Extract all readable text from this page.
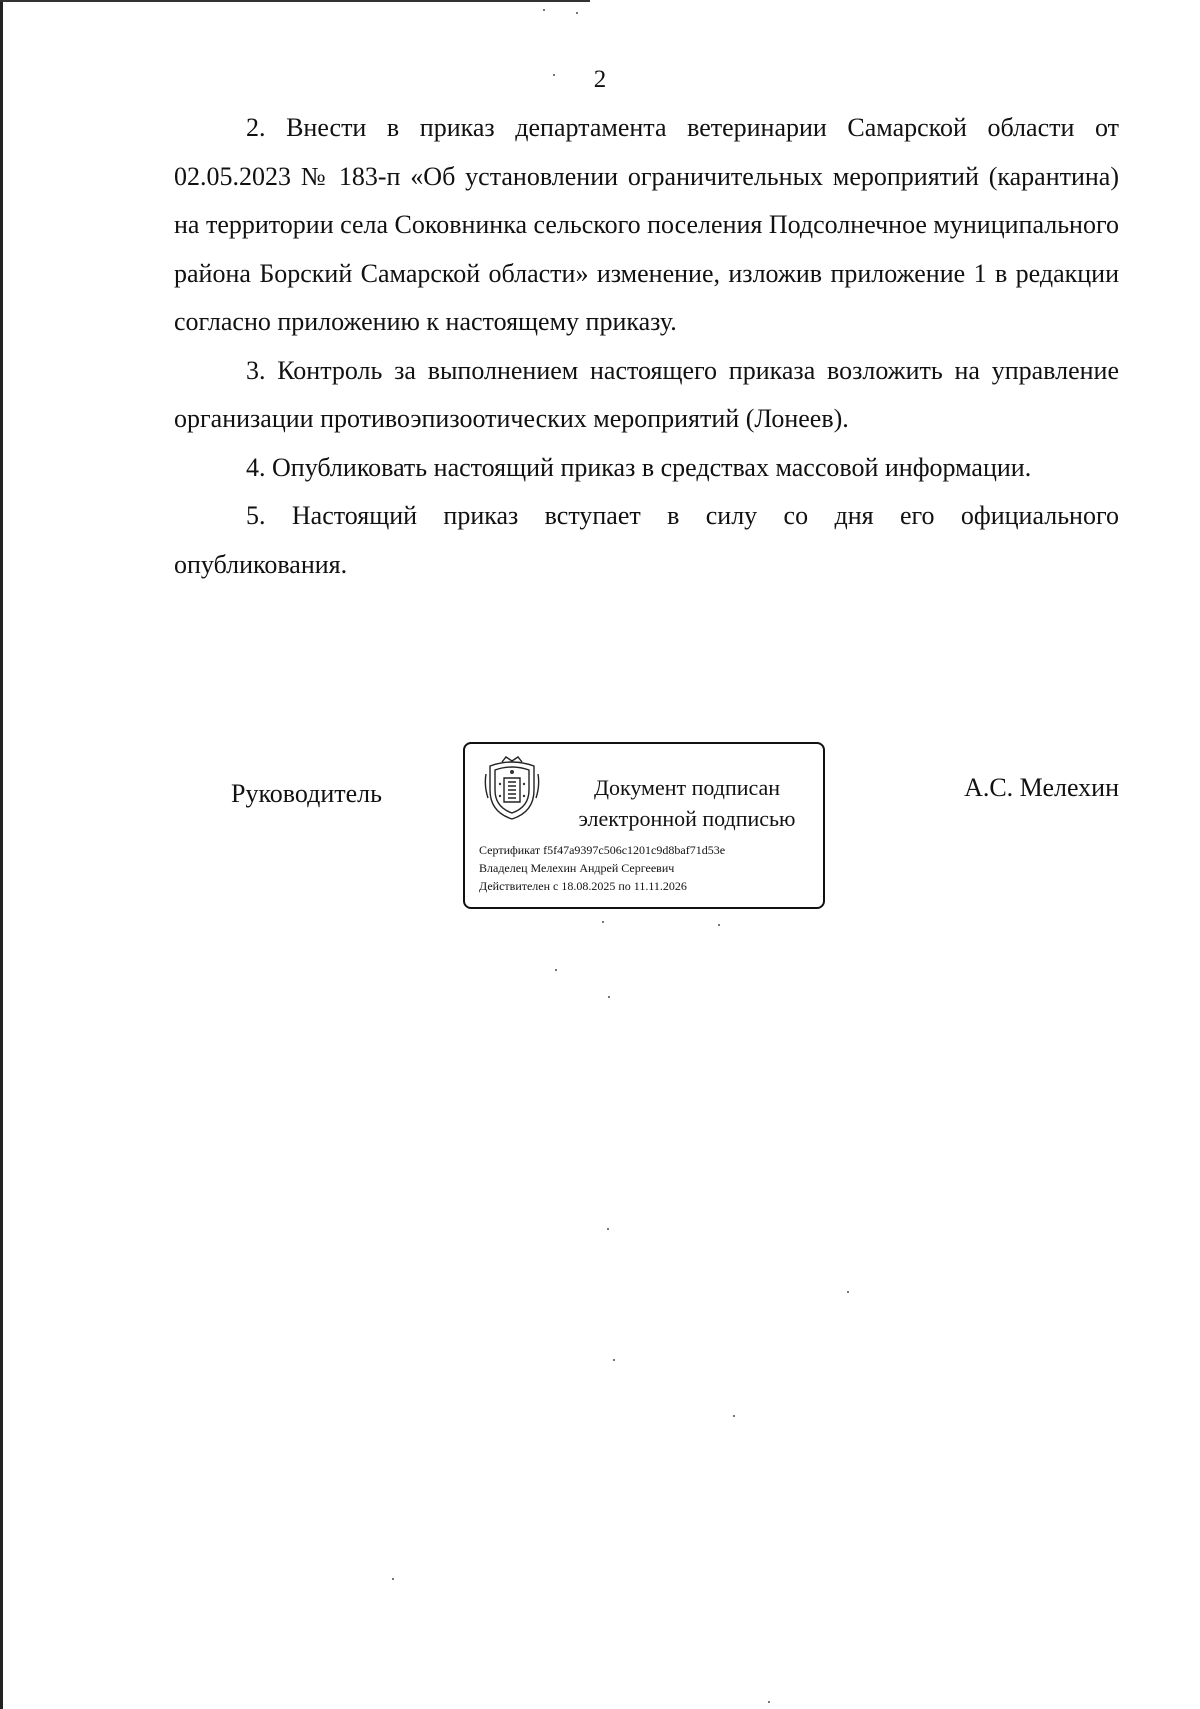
2

2. Внести в приказ департамента ветеринарии Самарской области от 02.05.2023 № 183-п «Об установлении ограничительных мероприятий (карантина) на территории села Соковнинка сельского поселения Подсолнечное муниципального района Борский Самарской области» изменение, изложив приложение 1 в редакции согласно приложению к настоящему приказу.

3. Контроль за выполнением настоящего приказа возложить на управление организации противоэпизоотических мероприятий (Лонеев).

4. Опубликовать настоящий приказ в средствах массовой информации.

5. Настоящий приказ вступает в силу со дня его официального опубликования.

Руководитель	Документ подписан
электронной подписью
Сертификат f5f47a9397c506c1201c9d8baf71d53e
Владелец Мелехин Андрей Сергеевич
Действителен с 18.08.2025 по 11.11.2026
А.С. Мелехин
